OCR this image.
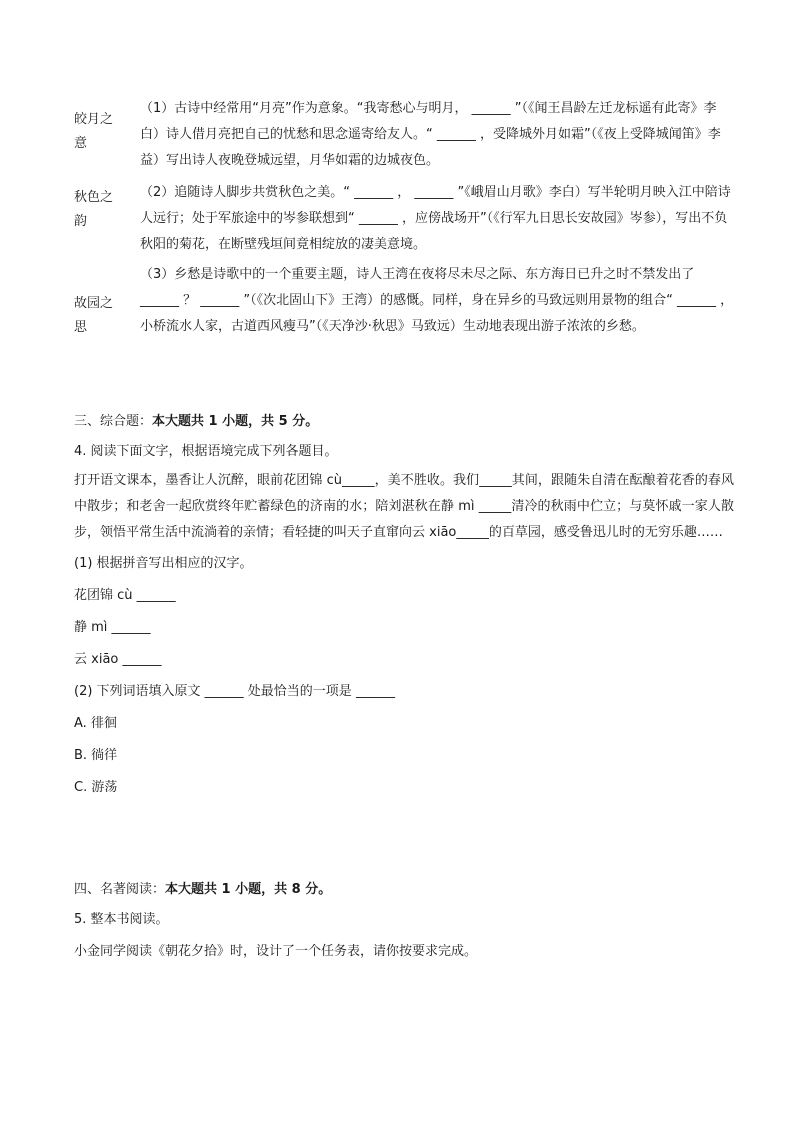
皎月之意
（1）古诗中经常用“月亮”作为意象。“我寄愁心与明月， ______ ”（《闻王昌龄左迁龙标遥有此寄》李白）诗人借月亮把自己的忧愁和思念遥寄给友人。“ ______ ，受降城外月如霜”（《夜上受降城闻笛》李益）写出诗人夜晚登城远望，月华如霜的边城夜色。
秋色之韵
（2）追随诗人脚步共赏秋色之美。“ ______ ， ______ ”《峨眉山月歌》李白）写半轮明月映入江中陪诗人远行；处于军旅途中的岑参联想到“ ______ ，应傍战场开”（《行军九日思长安故园》岑参），写出不负秋阳的菊花，在断壁残垣间竟相绽放的凄美意境。
故园之思
（3）乡愁是诗歌中的一个重要主题，诗人王湾在夜将尽未尽之际、东方海日已升之时不禁发出了 ______ ？ ______ ”（《次北固山下》王湾）的感慨。同样，身在异乡的马致远则用景物的组合“ ______ ，小桥流水人家，古道西风瘦马”（《天净沙·秋思》马致远）生动地表现出游子浓浓的乡愁。
三、综合题：本大题共 1 小题，共 5 分。

4. 阅读下面文字，根据语境完成下列各题目。

打开语文课本，墨香让人沉醉，眼前花团锦 cù_____，美不胜收。我们_____其间，跟随朱自清在酝酿着花香的春风中散步；和老舍一起欣赏终年贮蓄绿色的济南的水；陪刘湛秋在静 mì _____清冷的秋雨中伫立；与莫怀戚一家人散步，领悟平常生活中流淌着的亲情；看轻捷的叫天子直窜向云 xiāo_____的百草园，感受鲁迅儿时的无穷乐趣……

(1) 根据拼音写出相应的汉字。

花团锦 cù ______

静 mì ______

云 xiāo ______

(2) 下列词语填入原文 ______ 处最恰当的一项是 ______

A. 徘徊

B. 徜徉

C. 游荡

四、名著阅读：本大题共 1 小题，共 8 分。

5. 整本书阅读。

小金同学阅读《朝花夕拾》时，设计了一个任务表，请你按要求完成。
